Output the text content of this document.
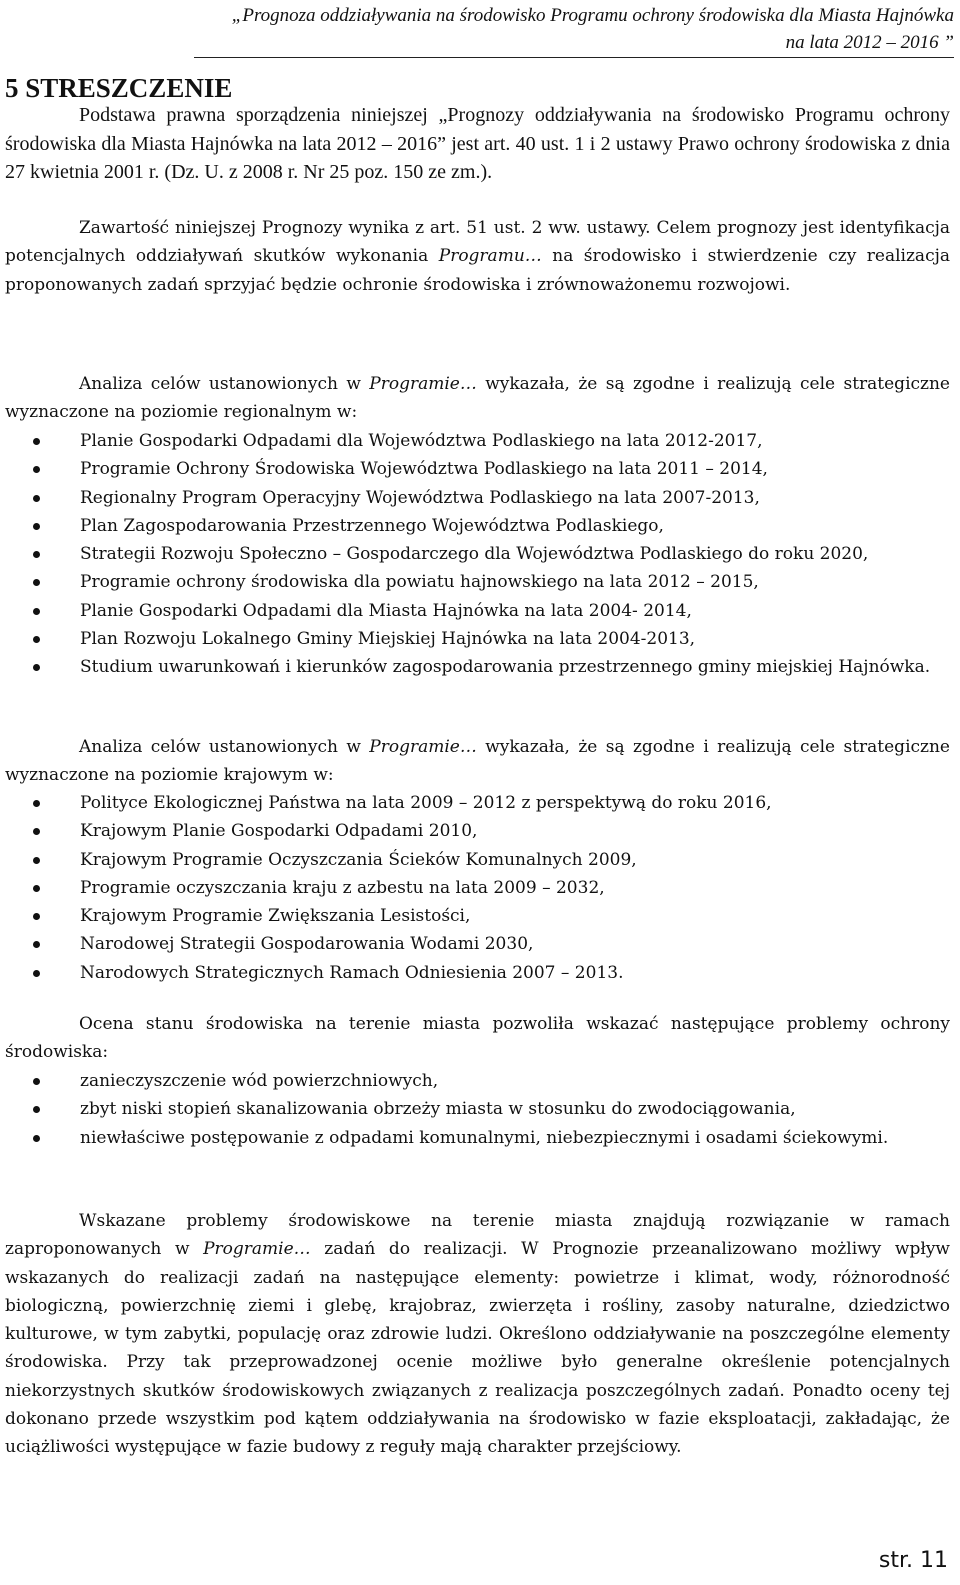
„Prognoza oddziaływania na środowisko Programu ochrony środowiska dla Miasta Hajnówka
na lata 2012 – 2016 ”
5 STRESZCZENIE

Podstawa prawna sporządzenia niniejszej „Prognozy oddziaływania na środowisko Programu ochrony środowiska dla Miasta Hajnówka na lata 2012 – 2016” jest art. 40 ust. 1 i 2 ustawy Prawo ochrony środowiska z dnia 27 kwietnia 2001 r. (Dz. U. z 2008 r. Nr 25 poz. 150 ze zm.).

Zawartość niniejszej Prognozy wynika z art. 51 ust. 2 ww. ustawy. Celem prognozy jest identyfikacja potencjalnych oddziaływań skutków wykonania Programu… na środowisko i stwierdzenie czy realizacja proponowanych zadań sprzyjać będzie ochronie środowiska i zrównoważonemu rozwojowi.

Analiza celów ustanowionych w Programie… wykazała, że są zgodne i realizują cele strategiczne wyznaczone na poziomie regionalnym w:

Planie Gospodarki Odpadami dla Województwa Podlaskiego na lata 2012-2017,
Programie Ochrony Środowiska Województwa Podlaskiego na lata 2011 – 2014,
Regionalny Program Operacyjny Województwa Podlaskiego na lata 2007-2013,
Plan Zagospodarowania Przestrzennego Województwa Podlaskiego,
Strategii Rozwoju Społeczno – Gospodarczego dla Województwa Podlaskiego do roku 2020,
Programie ochrony środowiska dla powiatu hajnowskiego na lata 2012 – 2015,
Planie Gospodarki Odpadami dla Miasta Hajnówka na lata 2004- 2014,
Plan Rozwoju Lokalnego Gminy Miejskiej Hajnówka na lata 2004-2013,
Studium uwarunkowań i kierunków zagospodarowania przestrzennego gminy miejskiej Hajnówka.

Analiza celów ustanowionych w Programie… wykazała, że są zgodne i realizują cele strategiczne wyznaczone na poziomie krajowym w:

Polityce Ekologicznej Państwa na lata 2009 – 2012 z perspektywą do roku 2016,
Krajowym Planie Gospodarki Odpadami 2010,
Krajowym Programie Oczyszczania Ścieków Komunalnych 2009,
Programie oczyszczania kraju z azbestu na lata 2009 – 2032,
Krajowym Programie Zwiększania Lesistości,
Narodowej Strategii Gospodarowania Wodami 2030,
Narodowych Strategicznych Ramach Odniesienia 2007 – 2013.

Ocena stanu środowiska na terenie miasta pozwoliła wskazać następujące problemy ochrony środowiska:

zanieczyszczenie wód powierzchniowych,
zbyt niski stopień skanalizowania obrzeży miasta w stosunku do zwodociągowania,
niewłaściwe postępowanie z odpadami komunalnymi, niebezpiecznymi i osadami ściekowymi.

Wskazane problemy środowiskowe na terenie miasta znajdują rozwiązanie w ramach zaproponowanych w Programie… zadań do realizacji. W Prognozie przeanalizowano możliwy wpływ wskazanych do realizacji zadań na następujące elementy: powietrze i klimat, wody, różnorodność biologiczną, powierzchnię ziemi i glebę, krajobraz, zwierzęta i rośliny, zasoby naturalne, dziedzictwo kulturowe, w tym zabytki, populację oraz zdrowie ludzi. Określono oddziaływanie na poszczególne elementy środowiska. Przy tak przeprowadzonej ocenie możliwe było generalne określenie potencjalnych niekorzystnych skutków środowiskowych związanych z realizacja poszczególnych zadań. Ponadto oceny tej dokonano przede wszystkim pod kątem oddziaływania na środowisko w fazie eksploatacji, zakładając, że uciążliwości występujące w fazie budowy z reguły mają charakter przejściowy.

str. 11
